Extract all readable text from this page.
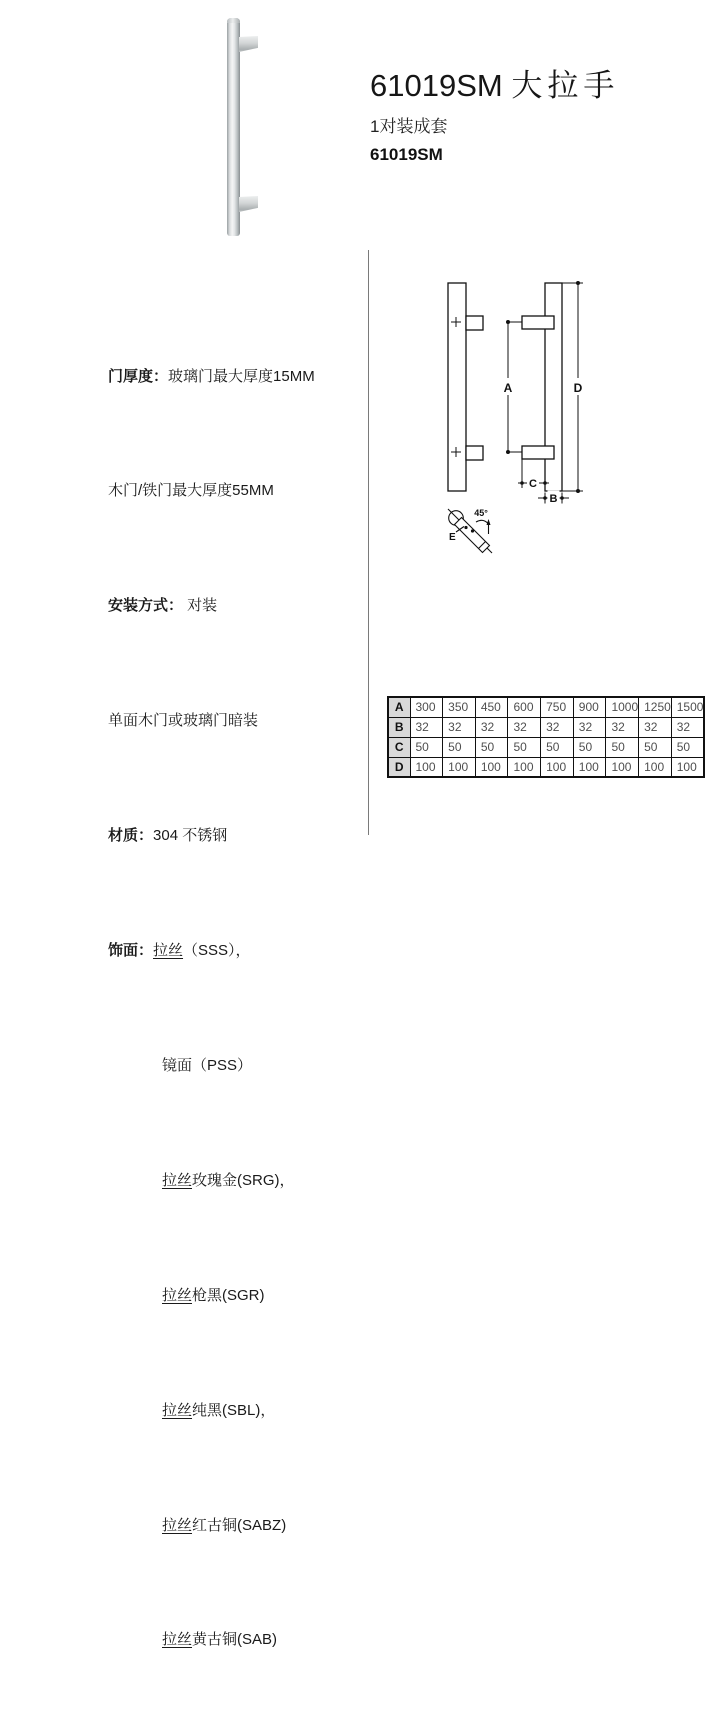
61019SM 大拉手
1对装成套
61019SM

门厚度：玻璃门最大厚度15MM

木门/铁门最大厚度55MM

安装方式： 对装

单面木门或玻璃门暗装

材质：304 不锈钢

饰面：拉丝（SSS），

镜面（PSS）

拉丝玫瑰金(SRG)，

拉丝枪黑(SGR)

拉丝纯黑(SBL)，

拉丝红古铜(SABZ)

拉丝黄古铜(SAB)

A	D
C
B
E
45°
A	300	350	450	600	750	900	1000	1250	1500
B	32	32	32	32	32	32	32	32	32
C	50	50	50	50	50	50	50	50	50
D	100	100	100	100	100	100	100	100	100
